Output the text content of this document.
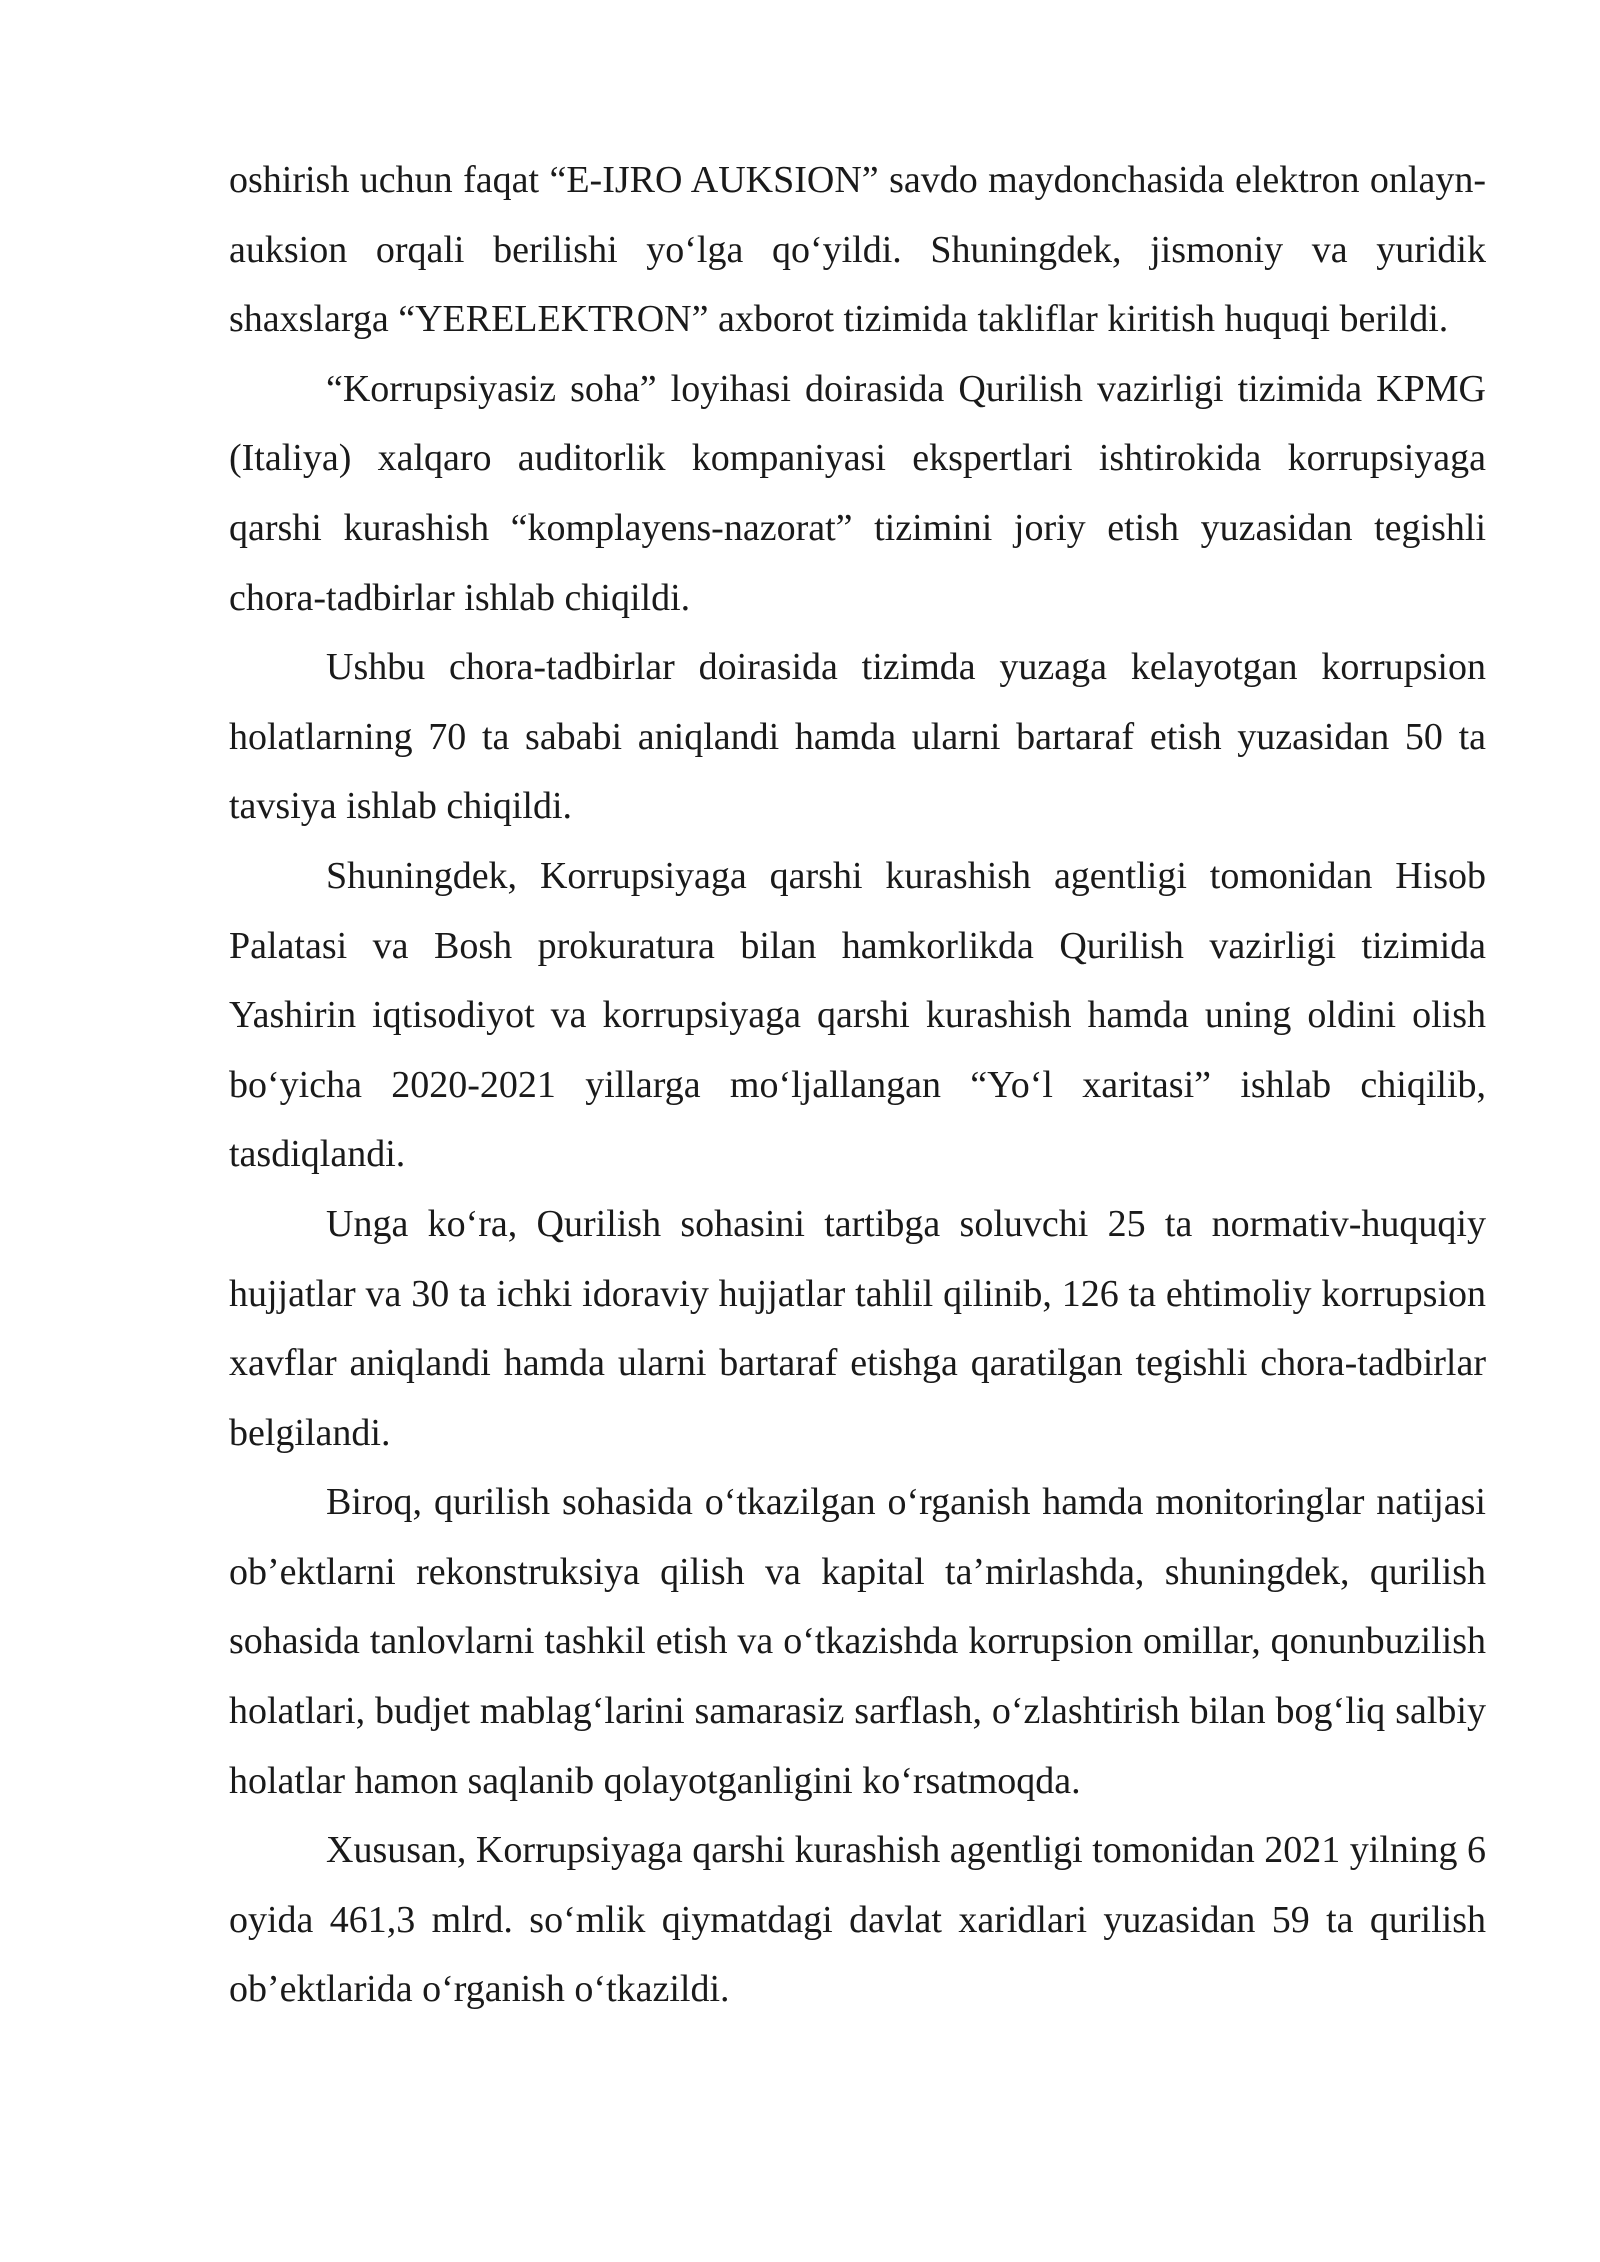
oshirish uchun faqat “E-IJRO AUKSION” savdo maydonchasida elektron onlayn-auksion orqali berilishi yo‘lga qo‘yildi. Shuningdek, jismoniy va yuridik shaxslarga “YERELEKTRON” axborot tizimida takliflar kiritish huquqi berildi.

“Korrupsiyasiz soha” loyihasi doirasida Qurilish vazirligi tizimida KPMG (Italiya) xalqaro auditorlik kompaniyasi ekspertlari ishtirokida korrupsiyaga qarshi kurashish “komplayens-nazorat” tizimini joriy etish yuzasidan tegishli chora-tadbirlar ishlab chiqildi.

Ushbu chora-tadbirlar doirasida tizimda yuzaga kelayotgan korrupsion holatlarning 70 ta sababi aniqlandi hamda ularni bartaraf etish yuzasidan 50 ta tavsiya ishlab chiqildi.

Shuningdek, Korrupsiyaga qarshi kurashish agentligi tomonidan Hisob Palatasi va Bosh prokuratura bilan hamkorlikda Qurilish vazirligi tizimida Yashirin iqtisodiyot va korrupsiyaga qarshi kurashish hamda uning oldini olish bo‘yicha 2020-2021 yillarga mo‘ljallangan “Yo‘l xaritasi” ishlab chiqilib, tasdiqlandi.

Unga ko‘ra, Qurilish sohasini tartibga soluvchi 25 ta normativ-huquqiy hujjatlar va 30 ta ichki idoraviy hujjatlar tahlil qilinib, 126 ta ehtimoliy korrupsion xavflar aniqlandi hamda ularni bartaraf etishga qaratilgan tegishli chora-tadbirlar belgilandi.

Biroq, qurilish sohasida o‘tkazilgan o‘rganish hamda monitoringlar natijasi ob’ektlarni rekonstruksiya qilish va kapital ta’mirlashda, shuningdek, qurilish sohasida tanlovlarni tashkil etish va o‘tkazishda korrupsion omillar, qonunbuzilish holatlari, budjet mablag‘larini samarasiz sarflash, o‘zlashtirish bilan bog‘liq salbiy holatlar hamon saqlanib qolayotganligini ko‘rsatmoqda.

Xususan, Korrupsiyaga qarshi kurashish agentligi tomonidan 2021 yilning 6 oyida 461,3 mlrd. so‘mlik qiymatdagi davlat xaridlari yuzasidan 59 ta qurilish ob’ektlarida o‘rganish o‘tkazildi.
